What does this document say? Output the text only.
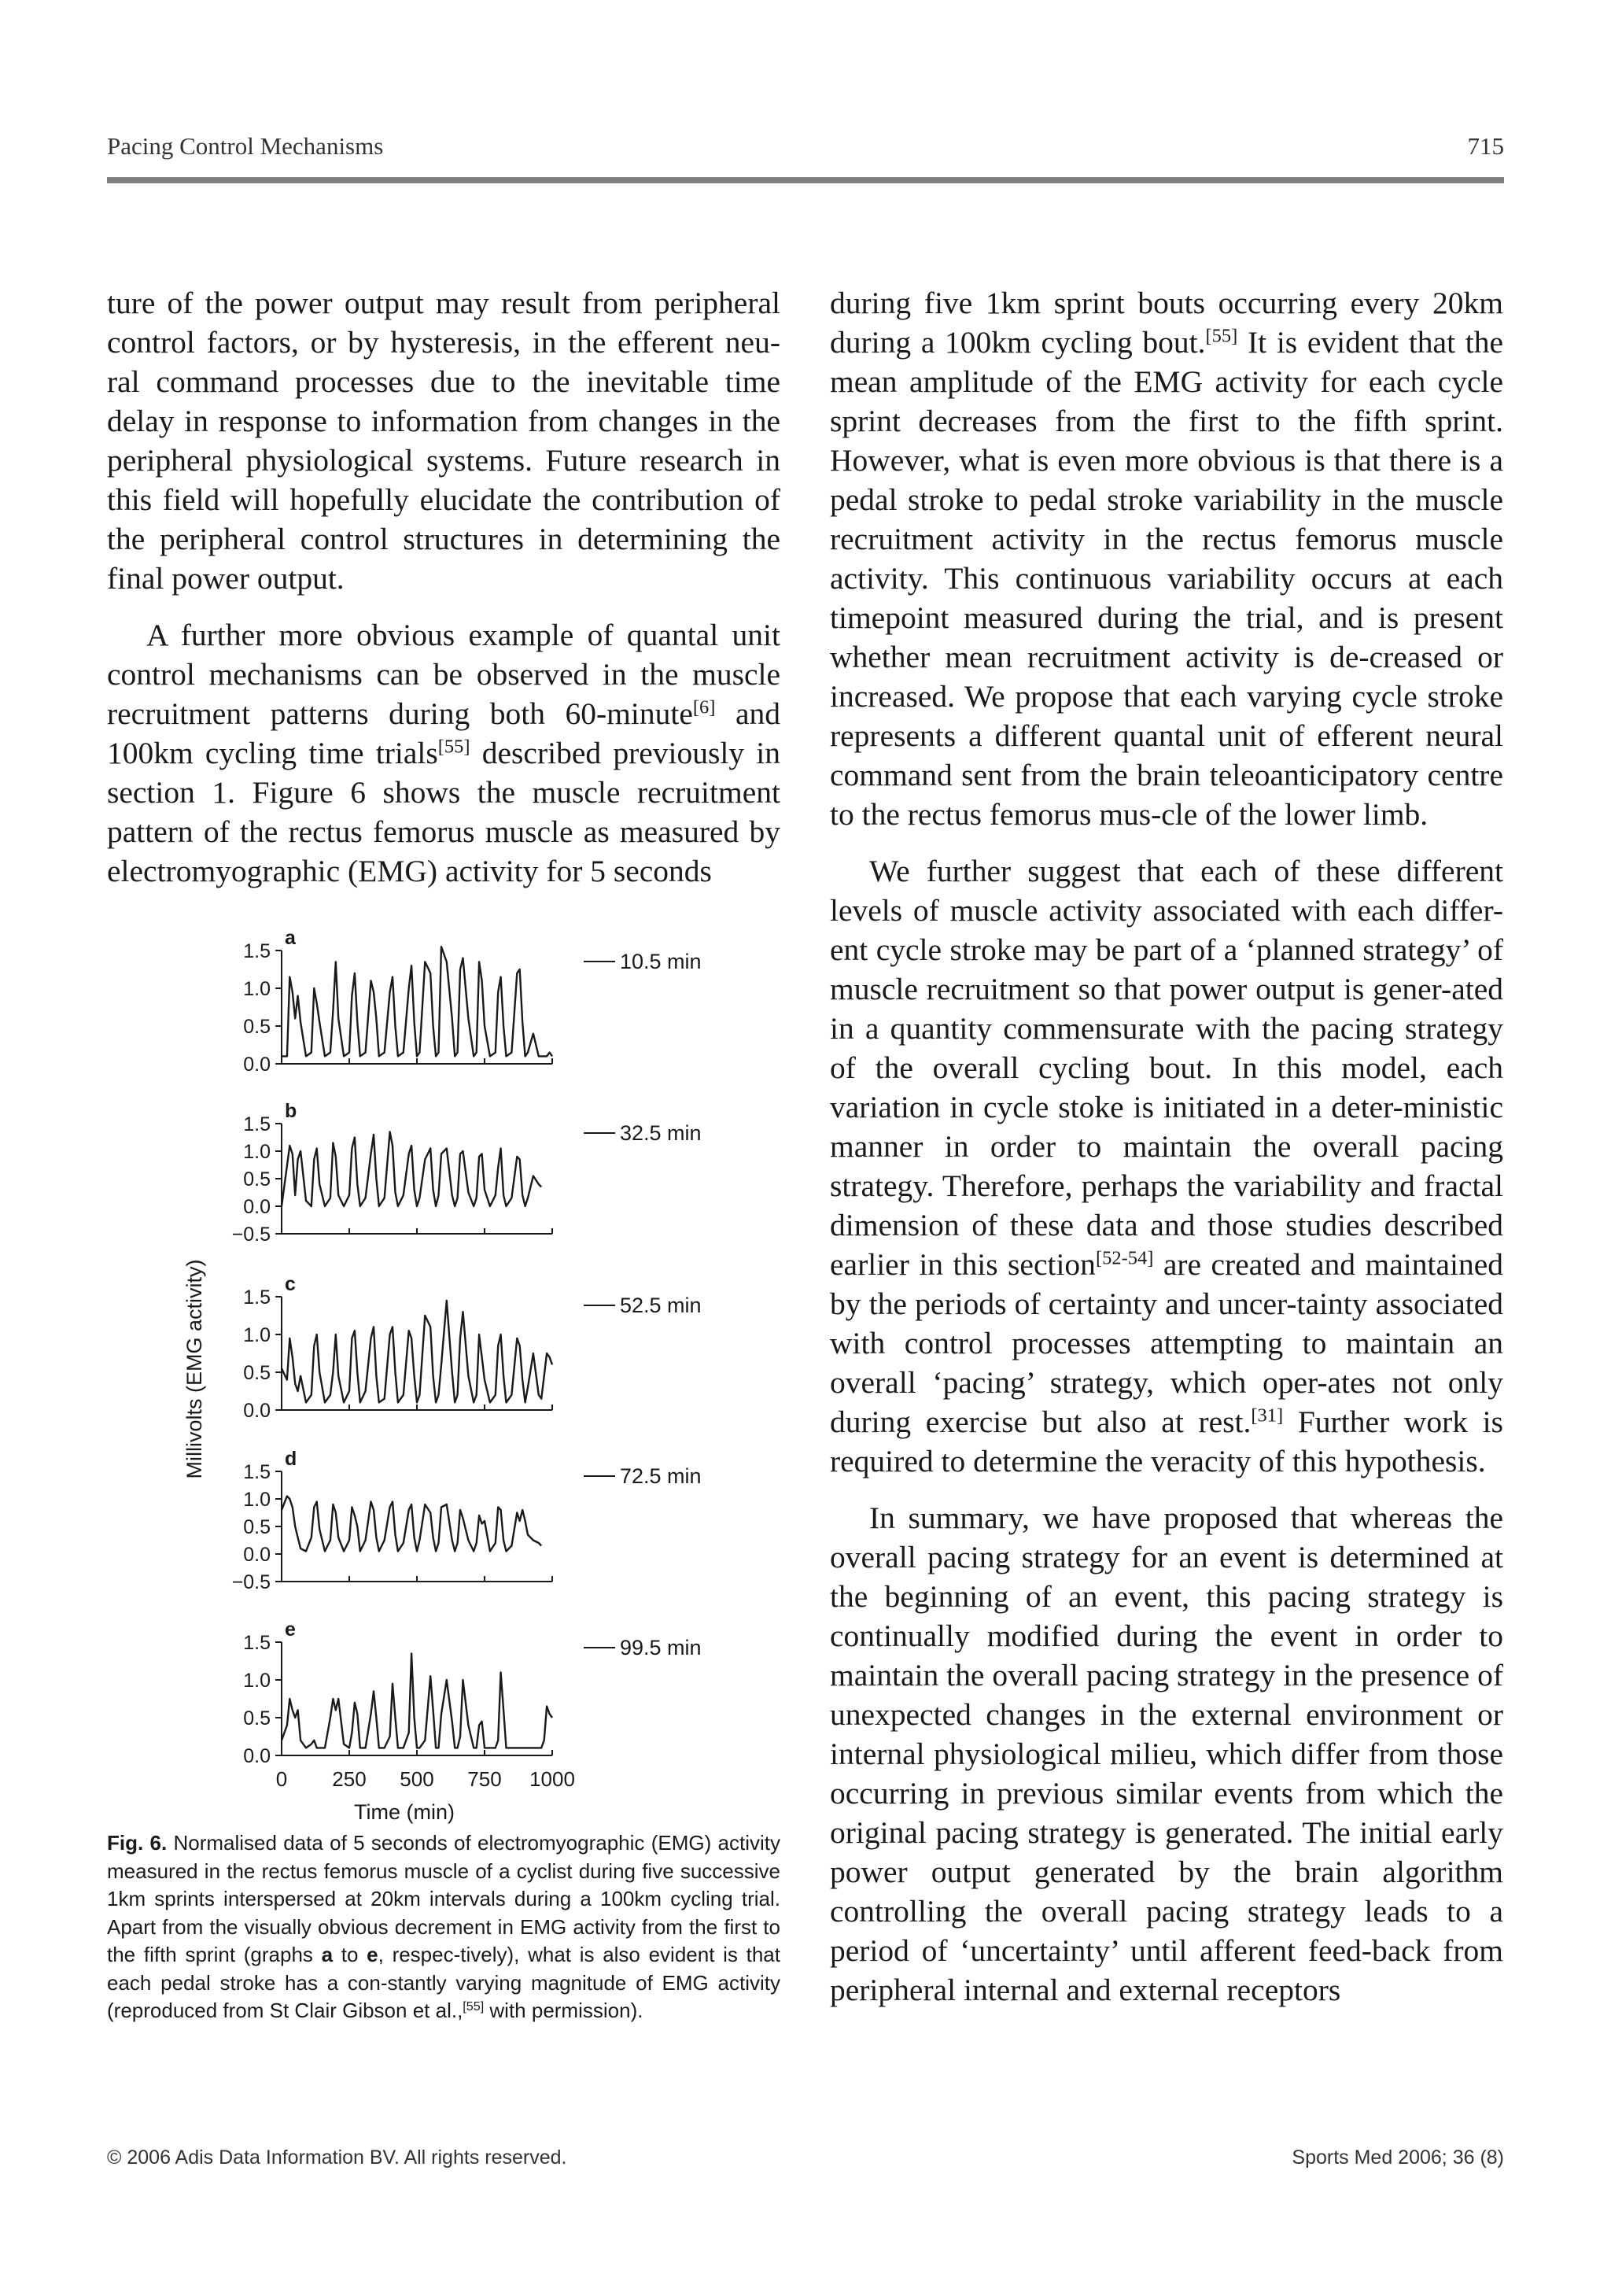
Pacing Control Mechanisms	715

ture of the power output may result from peripheral control factors, or by hysteresis, in the efferent neu-ral command processes due to the inevitable time delay in response to information from changes in the peripheral physiological systems. Future research in this field will hopefully elucidate the contribution of the peripheral control structures in determining the final power output.

A further more obvious example of quantal unit control mechanisms can be observed in the muscle recruitment patterns during both 60-minute[6] and 100km cycling time trials[55] described previously in section 1. Figure 6 shows the muscle recruitment pattern of the rectus femorus muscle as measured by electromyographic (EMG) activity for 5 seconds

Millivolts (EMG activity)
1.5
1.0
0.5
0.0
a
10.5 min
1.5
1.0
0.5
0.0
−0.5
b
32.5 min
1.5
1.0
0.5
0.0
c
52.5 min
1.5
1.0
0.5
0.0
−0.5
d
72.5 min
1.5
1.0
0.5
0.0
e
99.5 min
0 250 500 750 1000
Time (min)
Fig. 6. Normalised data of 5 seconds of electromyographic (EMG) activity measured in the rectus femorus muscle of a cyclist during five successive 1km sprints interspersed at 20km intervals during a 100km cycling trial. Apart from the visually obvious decrement in EMG activity from the first to the fifth sprint (graphs a to e, respec-tively), what is also evident is that each pedal stroke has a con-stantly varying magnitude of EMG activity (reproduced from St Clair Gibson et al.,[55] with permission).

during five 1km sprint bouts occurring every 20km during a 100km cycling bout.[55] It is evident that the mean amplitude of the EMG activity for each cycle sprint decreases from the first to the fifth sprint. However, what is even more obvious is that there is a pedal stroke to pedal stroke variability in the muscle recruitment activity in the rectus femorus muscle activity. This continuous variability occurs at each timepoint measured during the trial, and is present whether mean recruitment activity is de-creased or increased. We propose that each varying cycle stroke represents a different quantal unit of efferent neural command sent from the brain teleoanticipatory centre to the rectus femorus mus-cle of the lower limb.

We further suggest that each of these different levels of muscle activity associated with each differ-ent cycle stroke may be part of a ‘planned strategy’ of muscle recruitment so that power output is gener-ated in a quantity commensurate with the pacing strategy of the overall cycling bout. In this model, each variation in cycle stoke is initiated in a deter-ministic manner in order to maintain the overall pacing strategy. Therefore, perhaps the variability and fractal dimension of these data and those studies described earlier in this section[52-54] are created and maintained by the periods of certainty and uncer-tainty associated with control processes attempting to maintain an overall ‘pacing’ strategy, which oper-ates not only during exercise but also at rest.[31] Further work is required to determine the veracity of this hypothesis.

In summary, we have proposed that whereas the overall pacing strategy for an event is determined at the beginning of an event, this pacing strategy is continually modified during the event in order to maintain the overall pacing strategy in the presence of unexpected changes in the external environment or internal physiological milieu, which differ from those occurring in previous similar events from which the original pacing strategy is generated. The initial early power output generated by the brain algorithm controlling the overall pacing strategy leads to a period of ‘uncertainty’ until afferent feed-back from peripheral internal and external receptors

© 2006 Adis Data Information BV. All rights reserved.	Sports Med 2006; 36 (8)
